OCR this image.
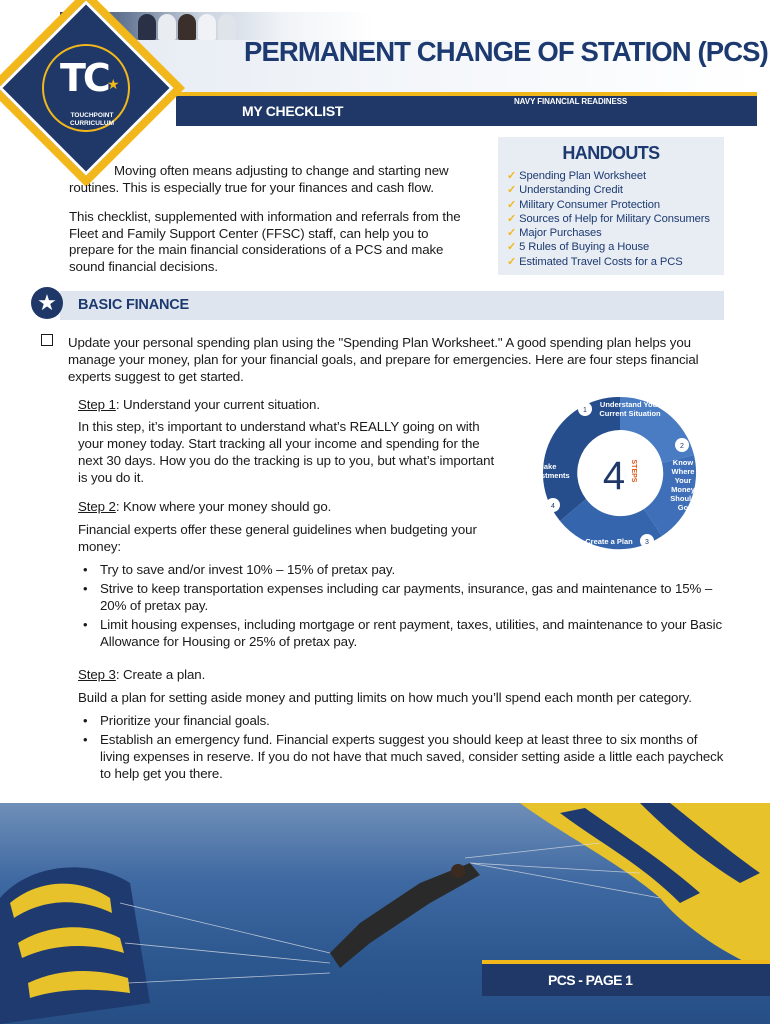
PERMANENT CHANGE OF STATION (PCS)
MY CHECKLIST
NAVY FINANCIAL READINESS
TC ★
TOUCHPOINT CURRICULUM

Moving often means adjusting to change and starting new routines. This is especially true for your finances and cash flow.

This checklist, supplemented with information and referrals from the Fleet and Family Support Center (FFSC) staff, can help you to prepare for the main financial considerations of a PCS and make sound financial decisions.

HANDOUTS
✓ Spending Plan Worksheet
✓ Understanding Credit
✓ Military Consumer Protection
✓ Sources of Help for Military Consumers
✓ Major Purchases
✓ 5 Rules of Buying a House
✓ Estimated Travel Costs for a PCS
★	BASIC FINANCE

Update your personal spending plan using the "Spending Plan Worksheet." A good spending plan helps you manage your money, plan for your financial goals, and prepare for emergencies. Here are four steps financial experts suggest to get started.

Step 1: Understand your current situation.

In this step, it’s important to understand what’s REALLY going on with your money today. Start tracking all your income and spending for the next 30 days. How you do the tracking is up to you, but what’s important is you do it.

Step 2: Know where your money should go.

Financial experts offer these general guidelines when budgeting your money:

• Try to save and/or invest 10% – 15% of pretax pay.
• Strive to keep transportation expenses including car payments, insurance, gas and maintenance to 15% – 20% of pretax pay.
• Limit housing expenses, including mortgage or rent payment, taxes, utilities, and maintenance to your Basic Allowance for Housing or 25% of pretax pay.

Step 3: Create a plan.

Build a plan for setting aside money and putting limits on how much you’ll spend each month per category.

• Prioritize your financial goals.
• Establish an emergency fund. Financial experts suggest you should keep at least three to six months of living expenses in reserve. If you do not have that much saved, consider setting aside a little each paycheck to help get you there.
4 STEPS
1
2
3
4
Understand Your
Current Situation
Know
Where
Your
Money
Should
Go
Create a Plan
Make
Adjustments
PCS - PAGE 1
